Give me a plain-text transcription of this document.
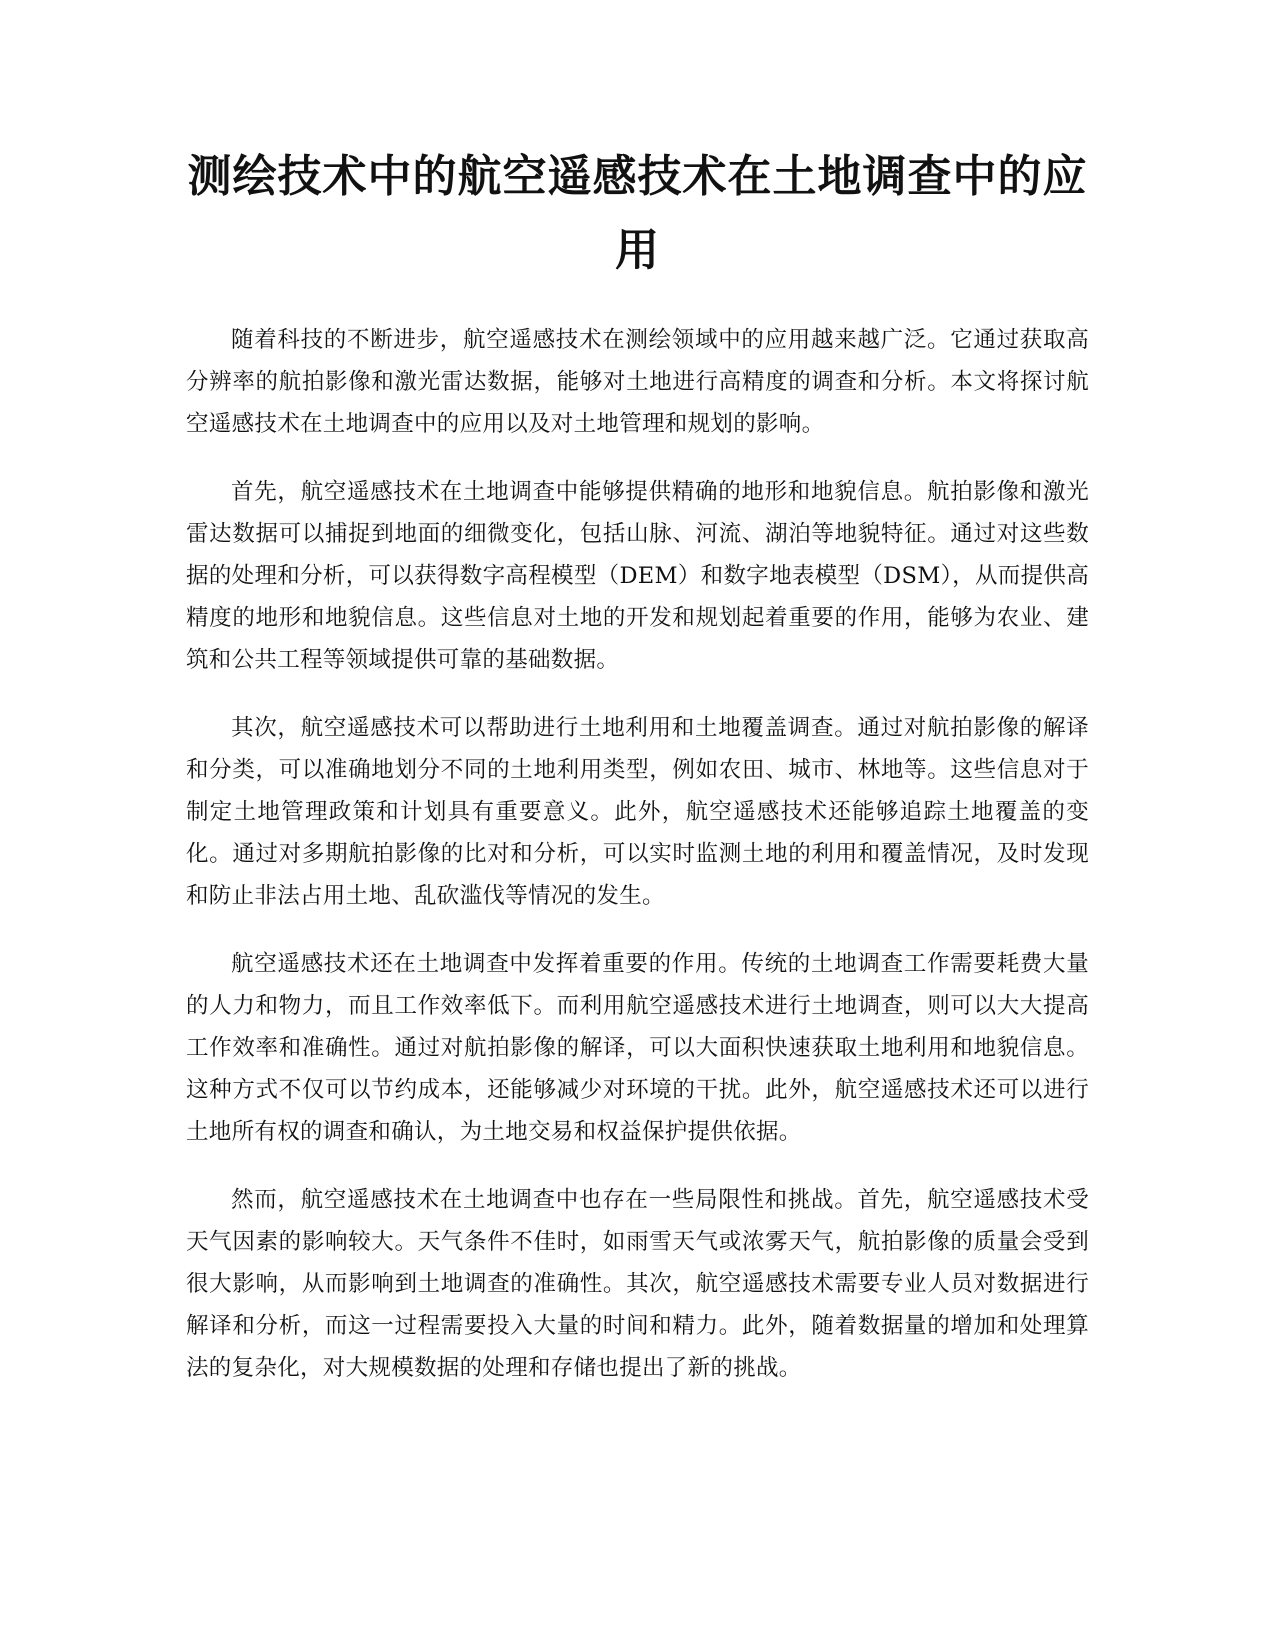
测绘技术中的航空遥感技术在土地调查中的应用

随着科技的不断进步，航空遥感技术在测绘领域中的应用越来越广泛。它通过获取高分辨率的航拍影像和激光雷达数据，能够对土地进行高精度的调查和分析。本文将探讨航空遥感技术在土地调查中的应用以及对土地管理和规划的影响。

首先，航空遥感技术在土地调查中能够提供精确的地形和地貌信息。航拍影像和激光雷达数据可以捕捉到地面的细微变化，包括山脉、河流、湖泊等地貌特征。通过对这些数据的处理和分析，可以获得数字高程模型（DEM）和数字地表模型（DSM），从而提供高精度的地形和地貌信息。这些信息对土地的开发和规划起着重要的作用，能够为农业、建筑和公共工程等领域提供可靠的基础数据。

其次，航空遥感技术可以帮助进行土地利用和土地覆盖调查。通过对航拍影像的解译和分类，可以准确地划分不同的土地利用类型，例如农田、城市、林地等。这些信息对于制定土地管理政策和计划具有重要意义。此外，航空遥感技术还能够追踪土地覆盖的变化。通过对多期航拍影像的比对和分析，可以实时监测土地的利用和覆盖情况，及时发现和防止非法占用土地、乱砍滥伐等情况的发生。

航空遥感技术还在土地调查中发挥着重要的作用。传统的土地调查工作需要耗费大量的人力和物力，而且工作效率低下。而利用航空遥感技术进行土地调查，则可以大大提高工作效率和准确性。通过对航拍影像的解译，可以大面积快速获取土地利用和地貌信息。这种方式不仅可以节约成本，还能够减少对环境的干扰。此外，航空遥感技术还可以进行土地所有权的调查和确认，为土地交易和权益保护提供依据。

然而，航空遥感技术在土地调查中也存在一些局限性和挑战。首先，航空遥感技术受天气因素的影响较大。天气条件不佳时，如雨雪天气或浓雾天气，航拍影像的质量会受到很大影响，从而影响到土地调查的准确性。其次，航空遥感技术需要专业人员对数据进行解译和分析，而这一过程需要投入大量的时间和精力。此外，随着数据量的增加和处理算法的复杂化，对大规模数据的处理和存储也提出了新的挑战。
